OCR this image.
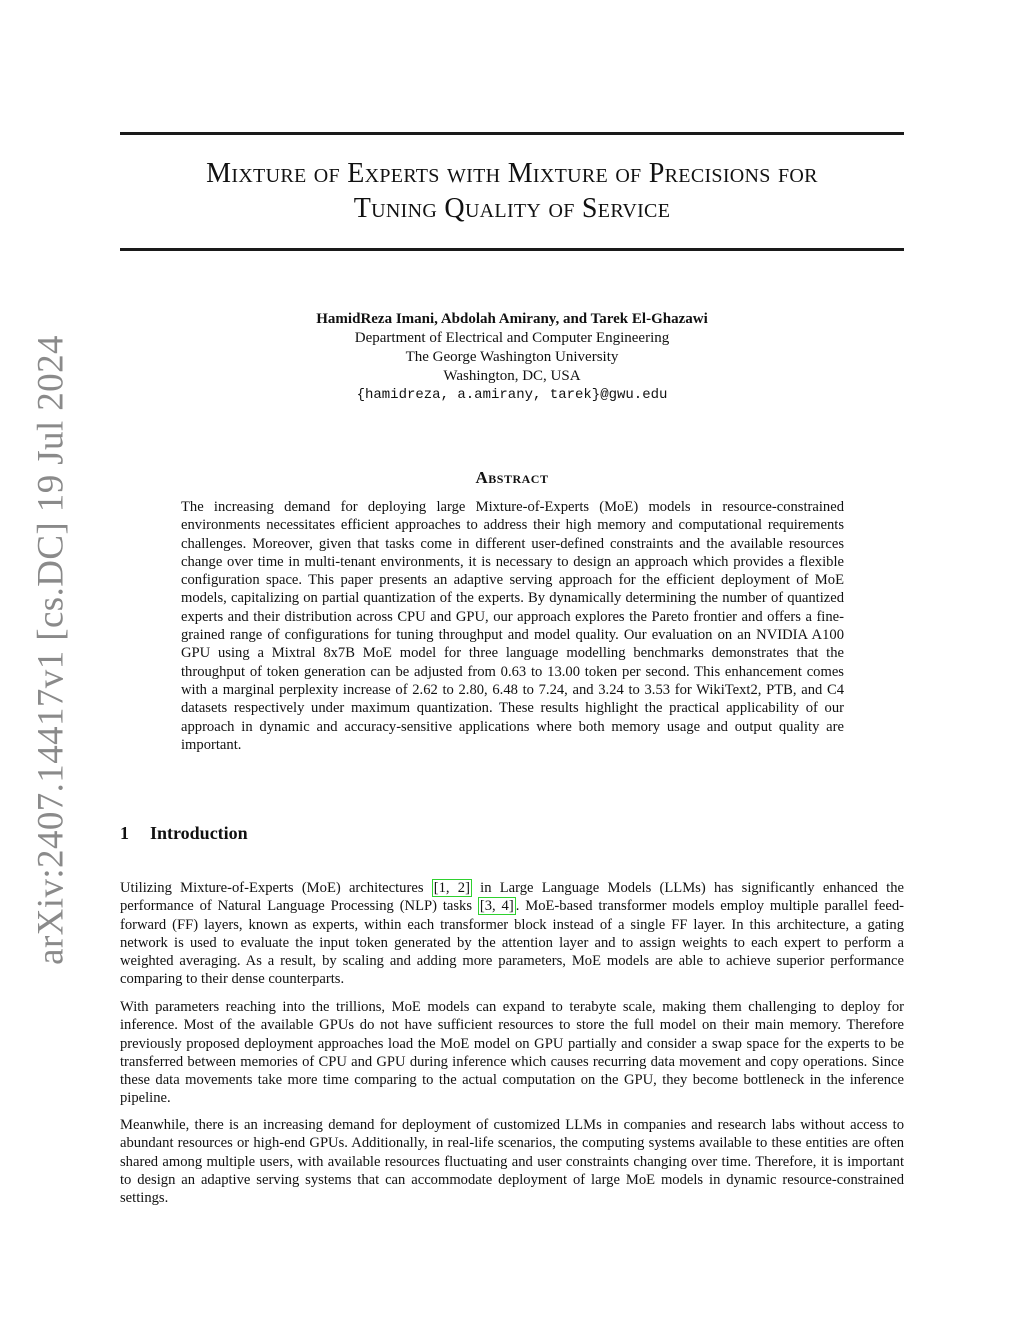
Mixture of Experts with Mixture of Precisions for
Tuning Quality of Service
arXiv:2407.14417v1 [cs.DC] 19 Jul 2024
HamidReza Imani, Abdolah Amirany, and Tarek El-Ghazawi
Department of Electrical and Computer Engineering
The George Washington University
Washington, DC, USA
{hamidreza, a.amirany, tarek}@gwu.edu
Abstract
The increasing demand for deploying large Mixture-of-Experts (MoE) models in resource-constrained environments necessitates efficient approaches to address their high memory and computational requirements challenges. Moreover, given that tasks come in different user-defined constraints and the available resources change over time in multi-tenant environments, it is necessary to design an approach which provides a flexible configuration space. This paper presents an adaptive serving approach for the efficient deployment of MoE models, capitalizing on partial quantization of the experts. By dynamically determining the number of quantized experts and their distribution across CPU and GPU, our approach explores the Pareto frontier and offers a fine-grained range of configurations for tuning throughput and model quality. Our evaluation on an NVIDIA A100 GPU using a Mixtral 8x7B MoE model for three language modelling benchmarks demonstrates that the throughput of token generation can be adjusted from 0.63 to 13.00 token per second. This enhancement comes with a marginal perplexity increase of 2.62 to 2.80, 6.48 to 7.24, and 3.24 to 3.53 for WikiText2, PTB, and C4 datasets respectively under maximum quantization. These results highlight the practical applicability of our approach in dynamic and accuracy-sensitive applications where both memory usage and output quality are important.
1 Introduction

Utilizing Mixture-of-Experts (MoE) architectures [1, 2] in Large Language Models (LLMs) has significantly enhanced the performance of Natural Language Processing (NLP) tasks [3, 4] . MoE-based transformer models employ multiple parallel feed-forward (FF) layers, known as experts, within each transformer block instead of a single FF layer. In this architecture, a gating network is used to evaluate the input token generated by the attention layer and to assign weights to each expert to perform a weighted averaging. As a result, by scaling and adding more parameters, MoE models are able to achieve superior performance comparing to their dense counterparts.

With parameters reaching into the trillions, MoE models can expand to terabyte scale, making them challenging to deploy for inference. Most of the available GPUs do not have sufficient resources to store the full model on their main memory. Therefore previously proposed deployment approaches load the MoE model on GPU partially and consider a swap space for the experts to be transferred between memories of CPU and GPU during inference which causes recurring data movement and copy operations. Since these data movements take more time comparing to the actual computation on the GPU, they become bottleneck in the inference pipeline.

Meanwhile, there is an increasing demand for deployment of customized LLMs in companies and research labs without access to abundant resources or high-end GPUs. Additionally, in real-life scenarios, the computing systems available to these entities are often shared among multiple users, with available resources fluctuating and user constraints changing over time. Therefore, it is important to design an adaptive serving systems that can accommodate deployment of large MoE models in dynamic resource-constrained settings.
